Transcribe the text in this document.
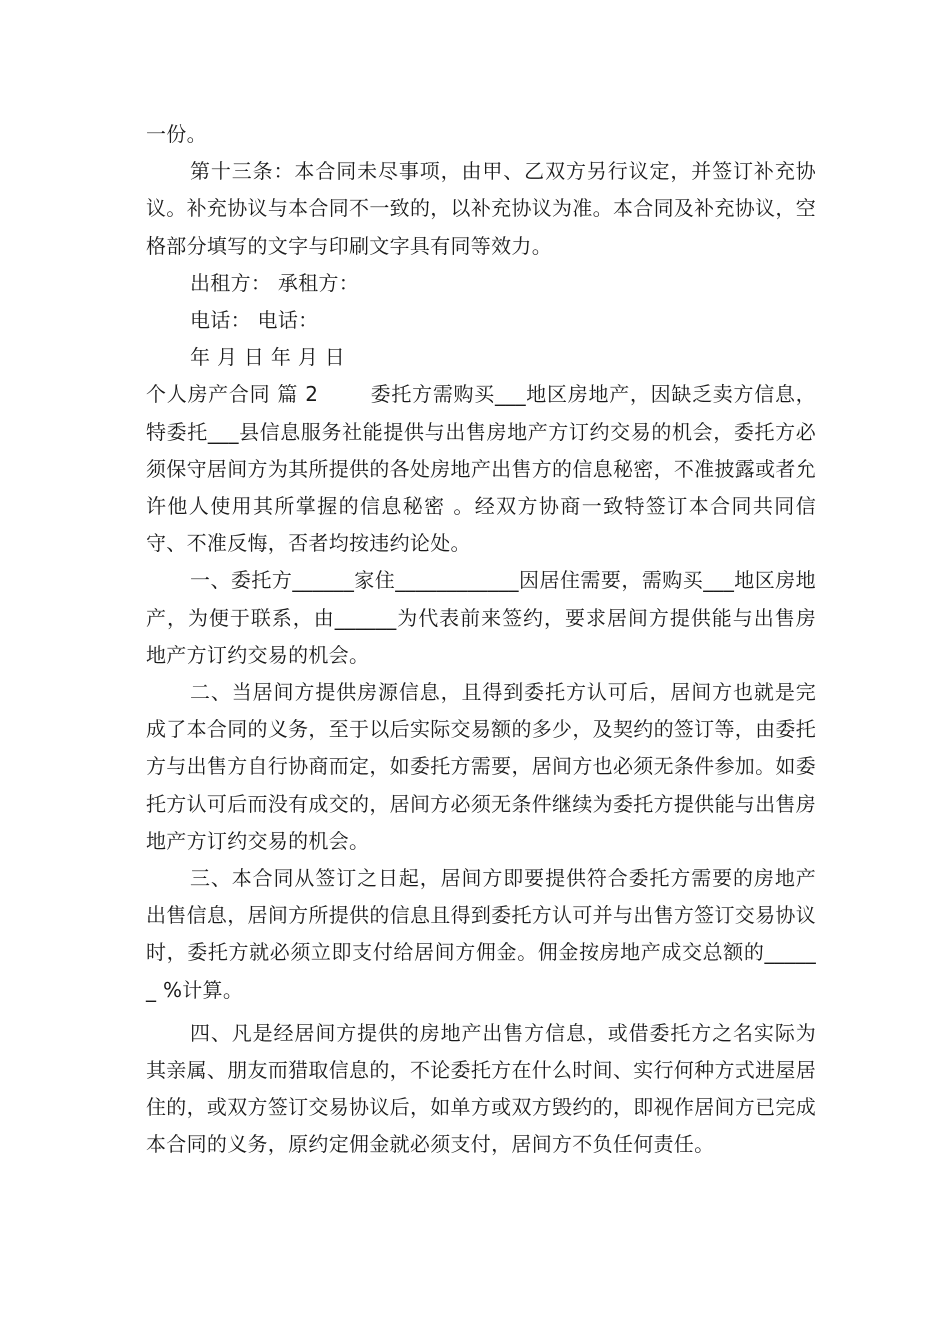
一份。

第十三条：本合同未尽事项，由甲、乙双方另行议定，并签订补充协议。补充协议与本合同不一致的，以补充协议为准。本合同及补充协议，空格部分填写的文字与印刷文字具有同等效力。

出租方： 承租方：

电话： 电话：

年 月 日 年 月 日

个人房产合同 篇 2	委托方需购买___地区房地产，因缺乏卖方信息，特委托___县信息服务社能提供与出售房地产方订约交易的机会，委托方必须保守居间方为其所提供的各处房地产出售方的信息秘密，不准披露或者允许他人使用其所掌握的信息秘密 。经双方协商一致特签订本合同共同信守、不准反悔，否者均按违约论处。

一、委托方______家住____________因居住需要，需购买___地区房地产，为便于联系，由______为代表前来签约，要求居间方提供能与出售房地产方订约交易的机会。

二、当居间方提供房源信息，且得到委托方认可后，居间方也就是完成了本合同的义务，至于以后实际交易额的多少，及契约的签订等，由委托方与出售方自行协商而定，如委托方需要，居间方也必须无条件参加。如委托方认可后而没有成交的，居间方必须无条件继续为委托方提供能与出售房地产方订约交易的机会。

三、本合同从签订之日起，居间方即要提供符合委托方需要的房地产出售信息，居间方所提供的信息且得到委托方认可并与出售方签订交易协议时，委托方就必须立即支付给居间方佣金。佣金按房地产成交总额的______ %计算。

四、凡是经居间方提供的房地产出售方信息，或借委托方之名实际为其亲属、朋友而猎取信息的，不论委托方在什么时间、实行何种方式进屋居住的，或双方签订交易协议后，如单方或双方毁约的，即视作居间方已完成本合同的义务，原约定佣金就必须支付，居间方不负任何责任。
